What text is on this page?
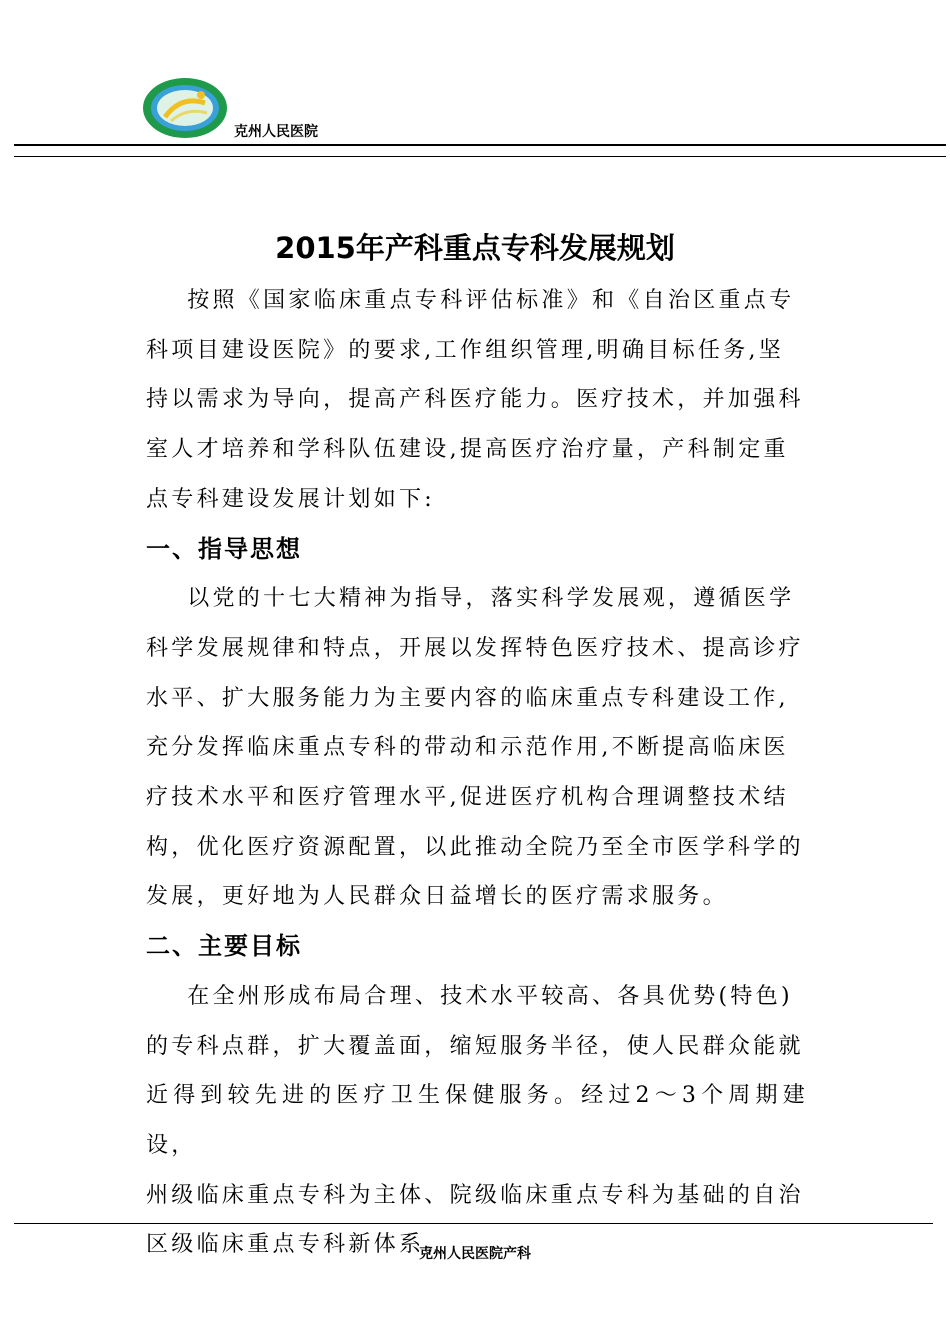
克州人民医院
2015年产科重点专科发展规划

按照《国家临床重点专科评估标准》和《自治区重点专

科项目建设医院》的要求,工作组织管理,明确目标任务,坚

持以需求为导向，提高产科医疗能力。医疗技术，并加强科

室人才培养和学科队伍建设,提高医疗治疗量，产科制定重

点专科建设发展计划如下:

一、指导思想

以党的十七大精神为指导，落实科学发展观，遵循医学

科学发展规律和特点，开展以发挥特色医疗技术、提高诊疗

水平、扩大服务能力为主要内容的临床重点专科建设工作,

充分发挥临床重点专科的带动和示范作用,不断提高临床医

疗技术水平和医疗管理水平,促进医疗机构合理调整技术结

构，优化医疗资源配置，以此推动全院乃至全市医学科学的

发展，更好地为人民群众日益增长的医疗需求服务。

二、主要目标

在全州形成布局合理、技术水平较高、各具优势(特色)

的专科点群，扩大覆盖面，缩短服务半径，使人民群众能就

近得到较先进的医疗卫生保健服务。经过2～3个周期建设，

州级临床重点专科为主体、院级临床重点专科为基础的自治

区级临床重点专科新体系。

克州人民医院产科
